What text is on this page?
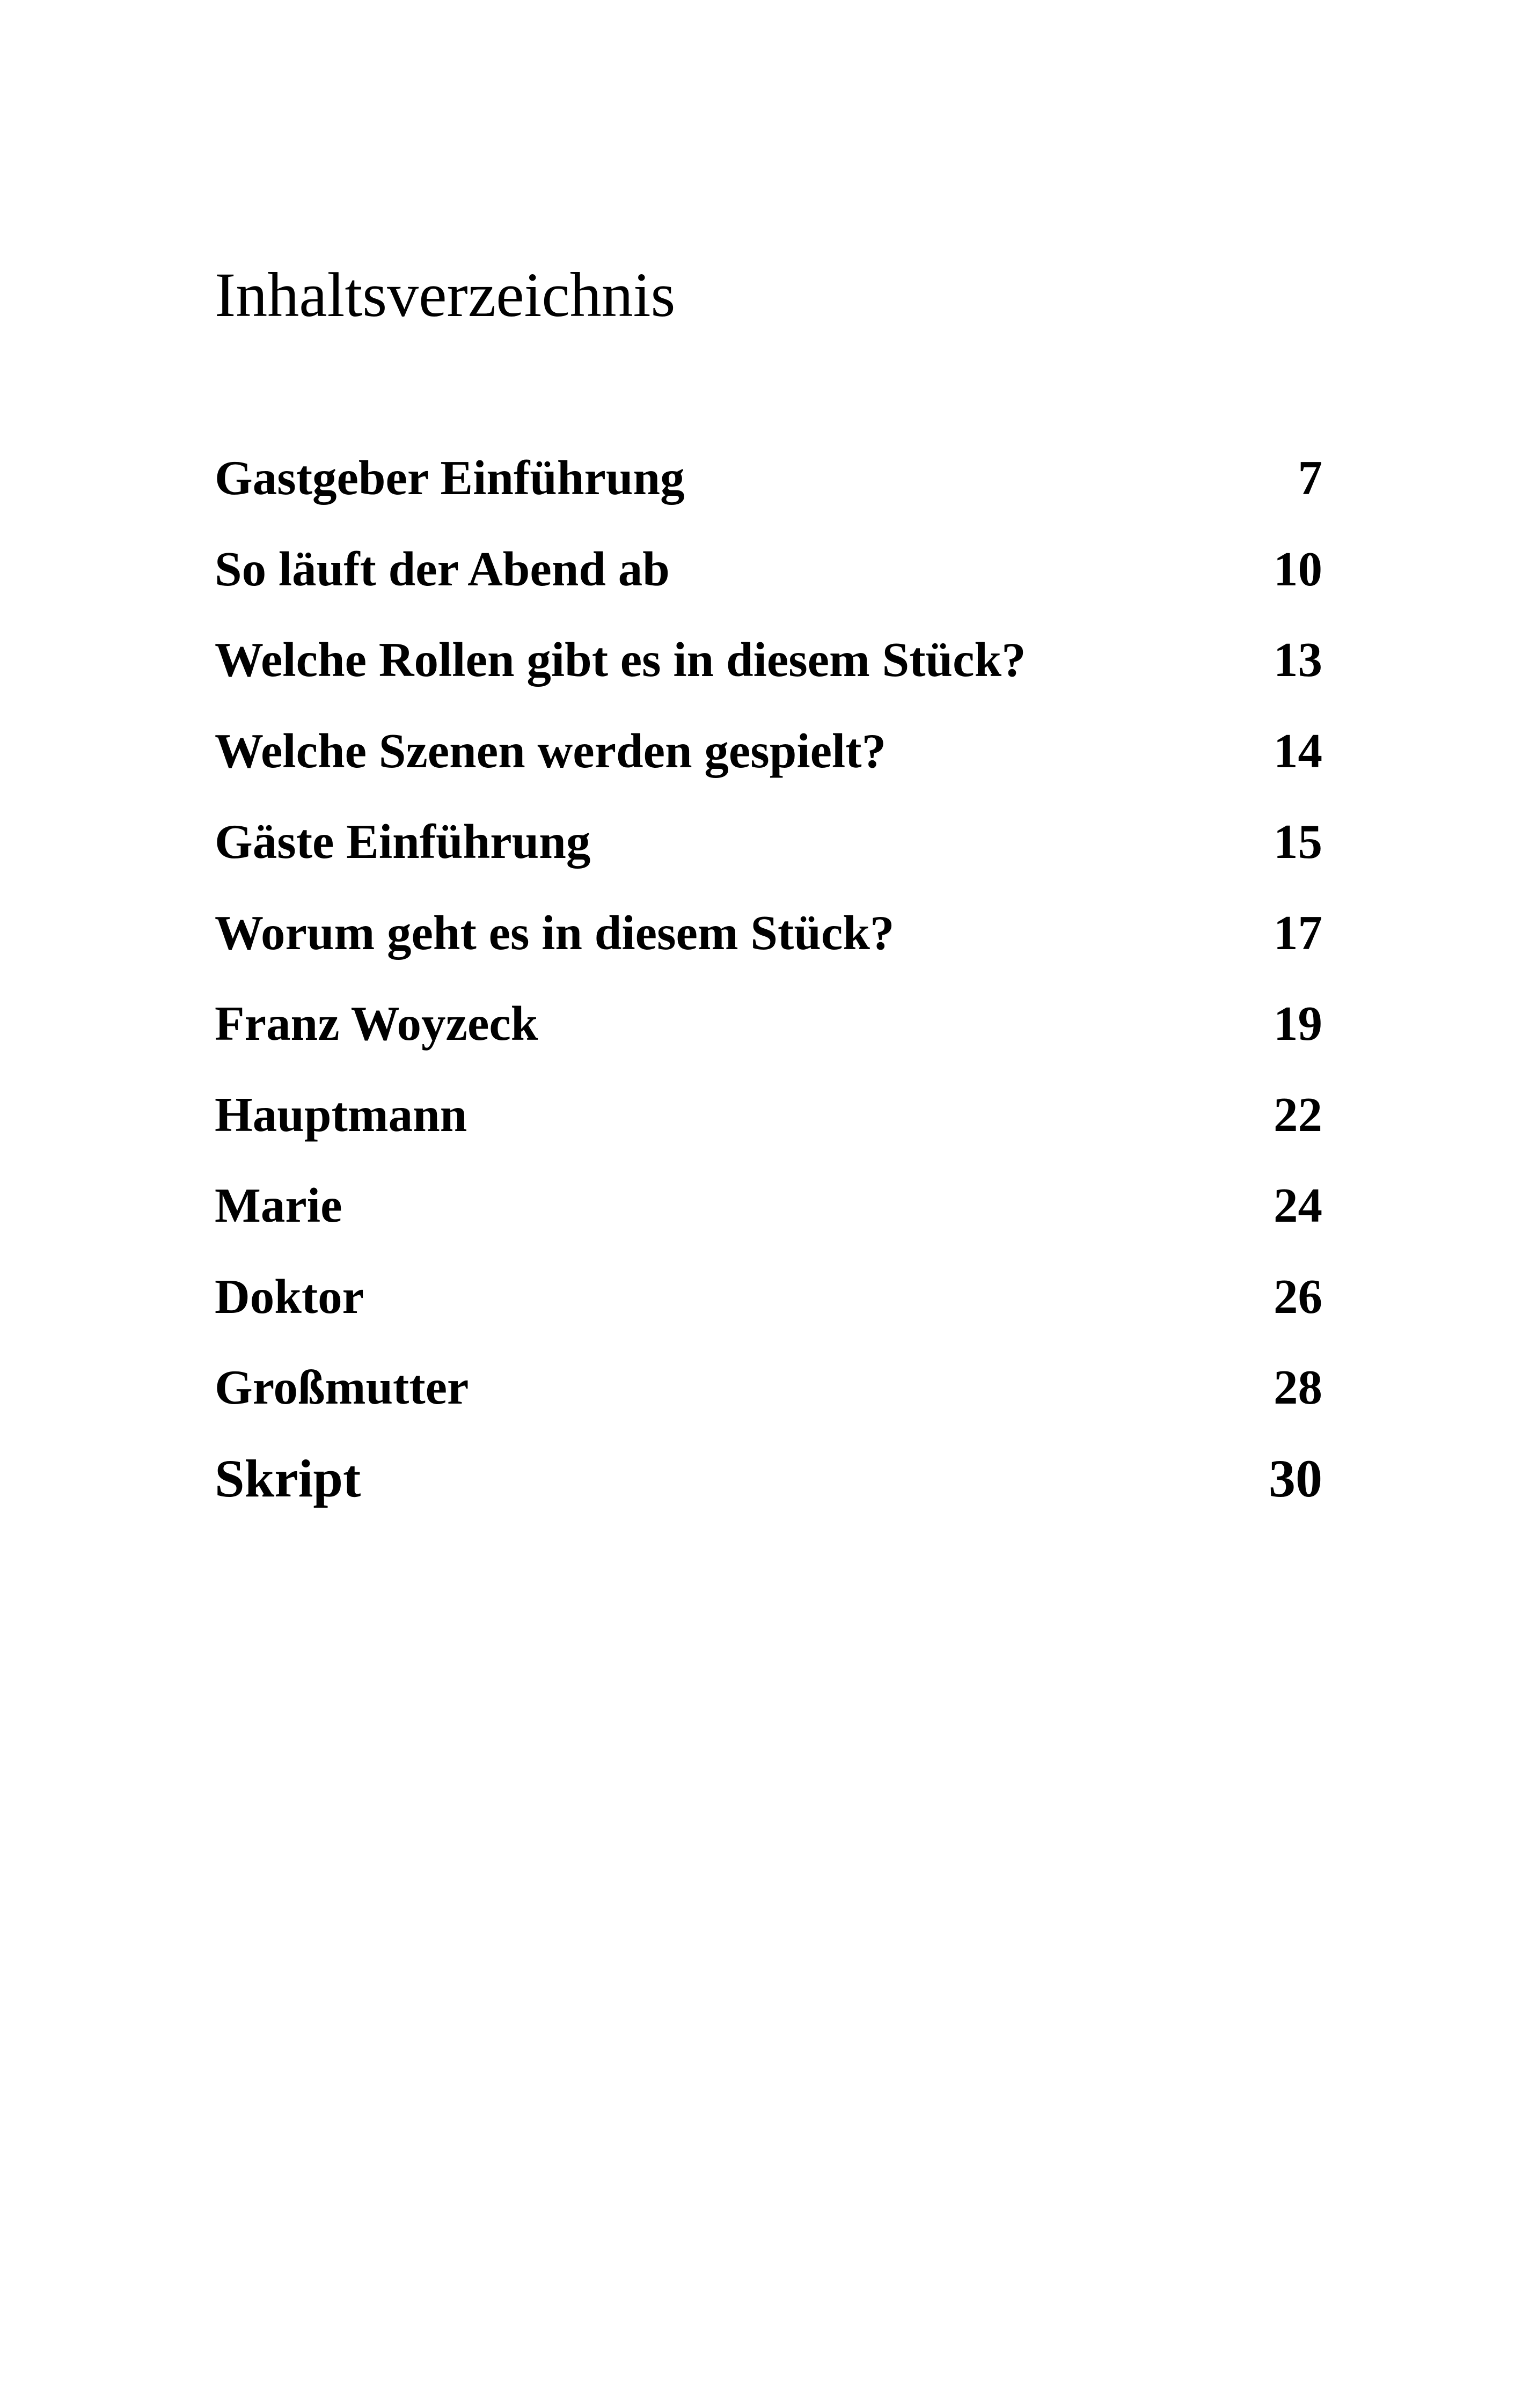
Inhaltsverzeichnis
Gastgeber Einführung	7
So läuft der Abend ab	10
Welche Rollen gibt es in diesem Stück?	13
Welche Szenen werden gespielt?	14
Gäste Einführung	15
Worum geht es in diesem Stück?	17
Franz Woyzeck	19
Hauptmann	22
Marie	24
Doktor	26
Großmutter	28
Skript	30
